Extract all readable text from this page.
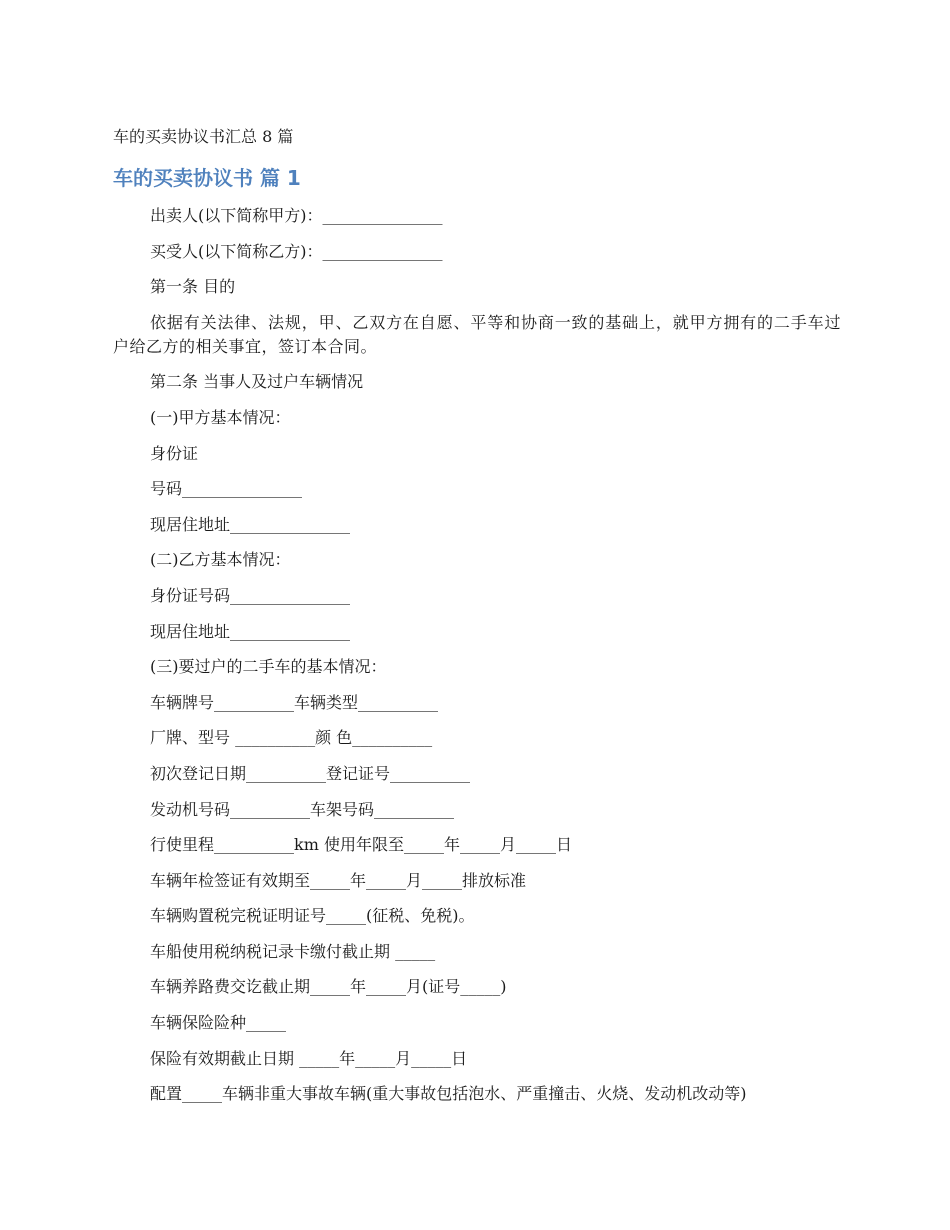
车的买卖协议书汇总 8 篇
车的买卖协议书 篇 1

出卖人(以下简称甲方)：_______________

买受人(以下简称乙方)：_______________

第一条 目的

依据有关法律、法规，甲、乙双方在自愿、平等和协商一致的基础上，就甲方拥有的二手车过户给乙方的相关事宜，签订本合同。

第二条 当事人及过户车辆情况

(一)甲方基本情况：

身份证

号码_______________

现居住地址_______________

(二)乙方基本情况：

身份证号码_______________

现居住地址_______________

(三)要过户的二手车的基本情况：

车辆牌号__________车辆类型__________

厂牌、型号 __________颜 色__________

初次登记日期__________登记证号__________

发动机号码__________车架号码__________

行使里程__________km 使用年限至_____年_____月_____日

车辆年检签证有效期至_____年_____月_____排放标准

车辆购置税完税证明证号_____(征税、免税)。

车船使用税纳税记录卡缴付截止期 _____

车辆养路费交讫截止期_____年_____月(证号_____)

车辆保险险种_____

保险有效期截止日期 _____年_____月_____日

配置_____车辆非重大事故车辆(重大事故包括泡水、严重撞击、火烧、发动机改动等)
